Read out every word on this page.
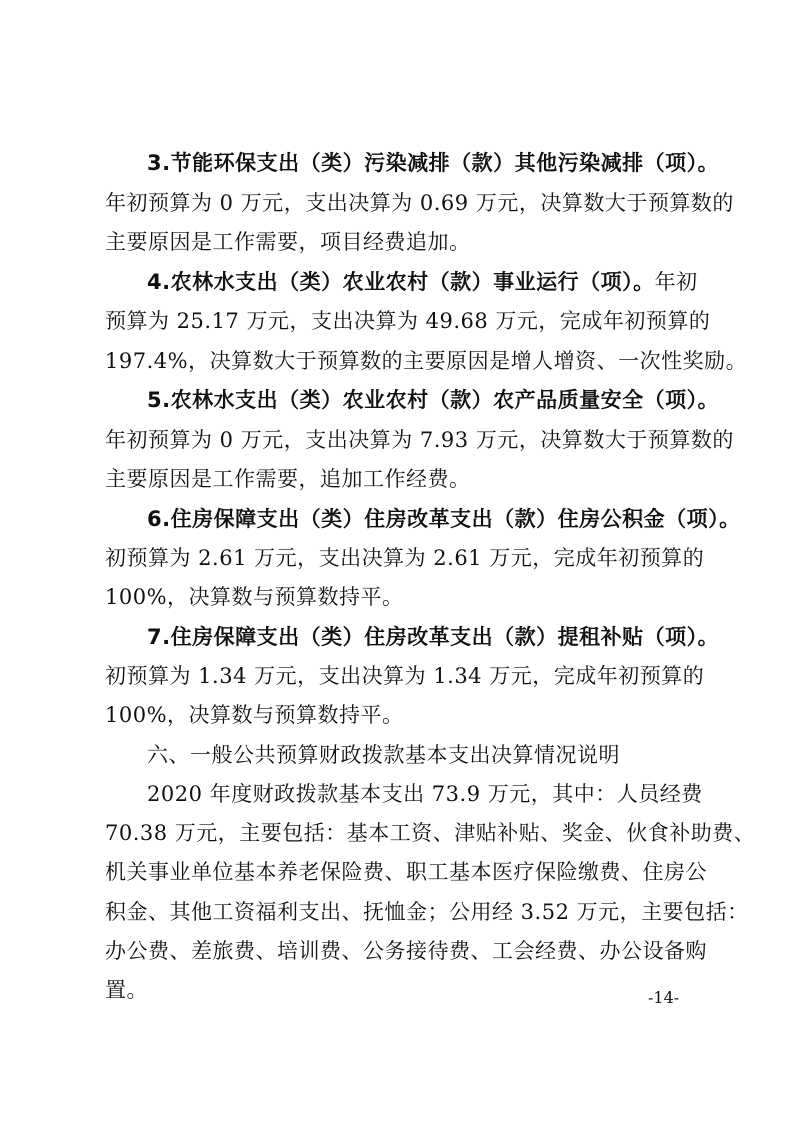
3.节能环保支出（类）污染减排（款）其他污染减排（项）。
年初预算为 0 万元，支出决算为 0.69 万元，决算数大于预算数的
主要原因是工作需要，项目经费追加。
4.农林水支出（类）农业农村（款）事业运行（项）。年初
预算为 25.17 万元，支出决算为 49.68 万元，完成年初预算的
197.4%，决算数大于预算数的主要原因是增人增资、一次性奖励。
5.农林水支出（类）农业农村（款）农产品质量安全（项）。
年初预算为 0 万元，支出决算为 7.93 万元，决算数大于预算数的
主要原因是工作需要，追加工作经费。
6.住房保障支出（类）住房改革支出（款）住房公积金（项）。
初预算为 2.61 万元，支出决算为 2.61 万元，完成年初预算的
100%，决算数与预算数持平。
7.住房保障支出（类）住房改革支出（款）提租补贴（项）。
初预算为 1.34 万元，支出决算为 1.34 万元，完成年初预算的
100%，决算数与预算数持平。
六、一般公共预算财政拨款基本支出决算情况说明
2020 年度财政拨款基本支出 73.9 万元，其中：人员经费
70.38 万元，主要包括：基本工资、津贴补贴、奖金、伙食补助费、
机关事业单位基本养老保险费、职工基本医疗保险缴费、住房公
积金、其他工资福利支出、抚恤金；公用经 3.52 万元，主要包括：
办公费、差旅费、培训费、公务接待费、工会经费、办公设备购
置。	-14-
